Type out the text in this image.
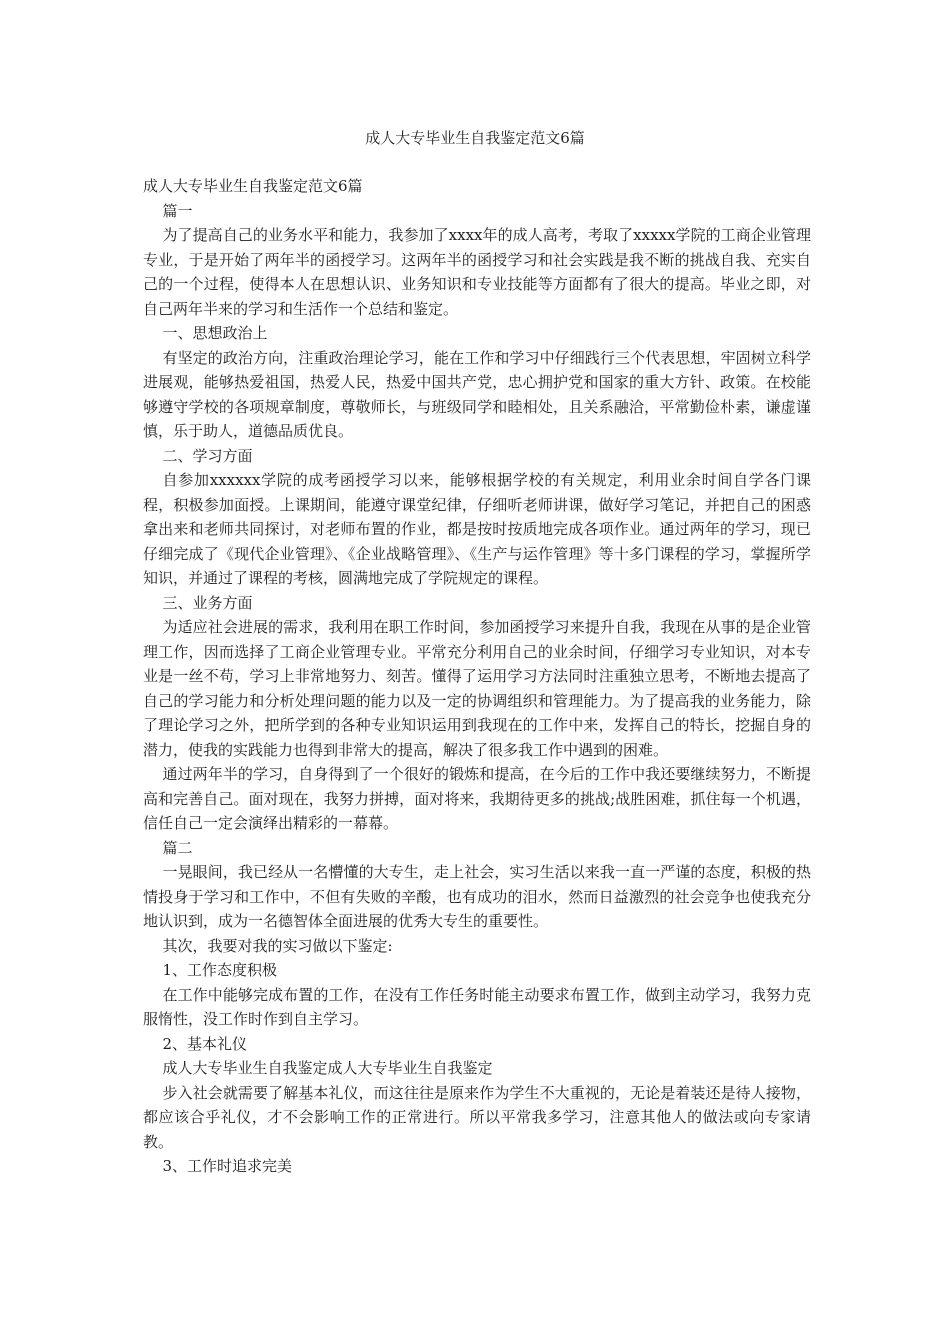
成人大专毕业生自我鉴定范文6篇

成人大专毕业生自我鉴定范文6篇

篇一

为了提高自己的业务水平和能力，我参加了xxxx年的成人高考，考取了xxxxx学院的工商企业管理专业，于是开始了两年半的函授学习。这两年半的函授学习和社会实践是我不断的挑战自我、充实自己的一个过程，使得本人在思想认识、业务知识和专业技能等方面都有了很大的提高。毕业之即，对自己两年半来的学习和生活作一个总结和鉴定。

一、思想政治上

有坚定的政治方向，注重政治理论学习，能在工作和学习中仔细践行三个代表思想，牢固树立科学进展观，能够热爱祖国，热爱人民，热爱中国共产党，忠心拥护党和国家的重大方针、政策。在校能够遵守学校的各项规章制度，尊敬师长，与班级同学和睦相处，且关系融洽，平常勤俭朴素，谦虚谨慎，乐于助人，道德品质优良。

二、学习方面

自参加xxxxxx学院的成考函授学习以来，能够根据学校的有关规定，利用业余时间自学各门课程，积极参加面授。上课期间，能遵守课堂纪律，仔细听老师讲课，做好学习笔记，并把自己的困惑拿出来和老师共同探讨，对老师布置的作业，都是按时按质地完成各项作业。通过两年的学习，现已仔细完成了《现代企业管理》、《企业战略管理》、《生产与运作管理》等十多门课程的学习，掌握所学知识，并通过了课程的考核，圆满地完成了学院规定的课程。

三、业务方面

为适应社会进展的需求，我利用在职工作时间，参加函授学习来提升自我，我现在从事的是企业管理工作，因而选择了工商企业管理专业。平常充分利用自己的业余时间，仔细学习专业知识，对本专业是一丝不苟，学习上非常地努力、刻苦。懂得了运用学习方法同时注重独立思考，不断地去提高了自己的学习能力和分析处理问题的能力以及一定的协调组织和管理能力。为了提高我的业务能力，除了理论学习之外，把所学到的各种专业知识运用到我现在的工作中来，发挥自己的特长，挖掘自身的潜力，使我的实践能力也得到非常大的提高，解决了很多我工作中遇到的困难。

通过两年半的学习，自身得到了一个很好的锻炼和提高，在今后的工作中我还要继续努力，不断提高和完善自己。面对现在，我努力拼搏，面对将来，我期待更多的挑战;战胜困难，抓住每一个机遇，信任自己一定会演绎出精彩的一幕幕。

篇二

一晃眼间，我已经从一名懵懂的大专生，走上社会，实习生活以来我一直一严谨的态度，积极的热情投身于学习和工作中，不但有失败的辛酸，也有成功的泪水，然而日益激烈的社会竞争也使我充分地认识到，成为一名德智体全面进展的优秀大专生的重要性。

其次，我要对我的实习做以下鉴定:

1、工作态度积极

在工作中能够完成布置的工作，在没有工作任务时能主动要求布置工作，做到主动学习，我努力克服惰性，没工作时作到自主学习。

2、基本礼仪

成人大专毕业生自我鉴定成人大专毕业生自我鉴定

步入社会就需要了解基本礼仪，而这往往是原来作为学生不大重视的，无论是着装还是待人接物，都应该合乎礼仪，才不会影响工作的正常进行。所以平常我多学习，注意其他人的做法或向专家请教。

3、工作时追求完美
